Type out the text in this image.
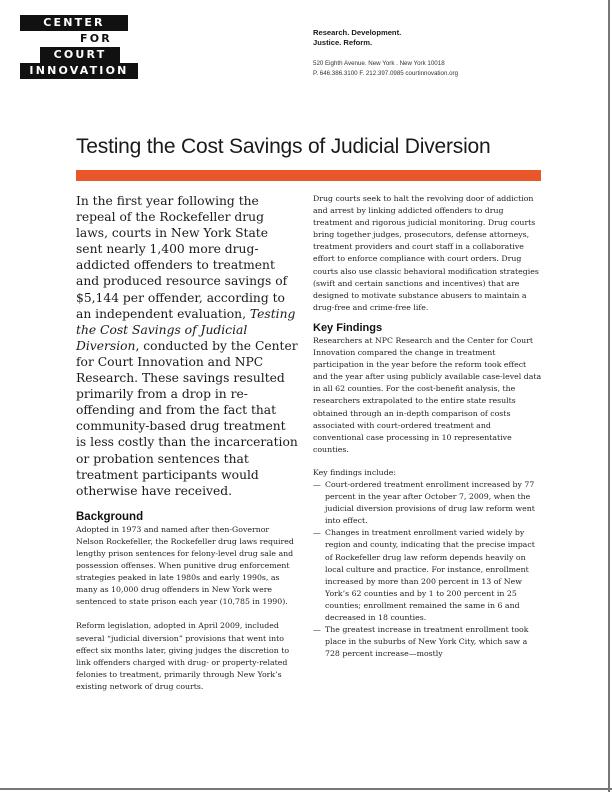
CENTER
FOR
COURT
INNOVATION
Research. Development.
Justice. Reform.
520 Eighth Avenue. New York . New York 10018
P. 646.386.3100 F. 212.397.0985 courtinnovation.org
Testing the Cost Savings of Judicial Diversion

In the first year following the repeal of the Rockefeller drug laws, courts in New York State sent nearly 1,400 more drug-addicted offenders to treatment and produced resource savings of $5,144 per offender, according to an independent evaluation, Testing the Cost Savings of Judicial Diversion, conducted by the Center for Court Innovation and NPC Research. These savings resulted primarily from a drop in re-offending and from the fact that community-based drug treatment is less costly than the incarceration or probation sentences that treatment participants would otherwise have received.

Background

Adopted in 1973 and named after then-Governor Nelson Rockefeller, the Rockefeller drug laws required lengthy prison sentences for felony-level drug sale and possession offenses. When punitive drug enforcement strategies peaked in late 1980s and early 1990s, as many as 10,000 drug offenders in New York were sentenced to state prison each year (10,785 in 1990).

Reform legislation, adopted in April 2009, included several “judicial diversion” provisions that went into effect six months later, giving judges the discretion to link offenders charged with drug- or property-related felonies to treatment, primarily through New York’s existing network of drug courts.

Drug courts seek to halt the revolving door of addiction and arrest by linking addicted offenders to drug treatment and rigorous judicial monitoring. Drug courts bring together judges, prosecutors, defense attorneys, treatment providers and court staff in a collaborative effort to enforce compliance with court orders. Drug courts also use classic behavioral modification strategies (swift and certain sanctions and incentives) that are designed to motivate substance abusers to maintain a drug-free and crime-free life.

Key Findings

Researchers at NPC Research and the Center for Court Innovation compared the change in treatment participation in the year before the reform took effect and the year after using publicly available case-level data in all 62 counties. For the cost-benefit analysis, the researchers extrapolated to the entire state results obtained through an in-depth comparison of costs associated with court-ordered treatment and conventional case processing in 10 representative counties.

Key findings include:

— Court-ordered treatment enrollment increased by 77 percent in the year after October 7, 2009, when the judicial diversion provisions of drug law reform went into effect.
— Changes in treatment enrollment varied widely by region and county, indicating that the precise impact of Rockefeller drug law reform depends heavily on local culture and practice. For instance, enrollment increased by more than 200 percent in 13 of New York’s 62 counties and by 1 to 200 percent in 25 counties; enrollment remained the same in 6 and decreased in 18 counties.
— The greatest increase in treatment enrollment took place in the suburbs of New York City, which saw a 728 percent increase—mostly
